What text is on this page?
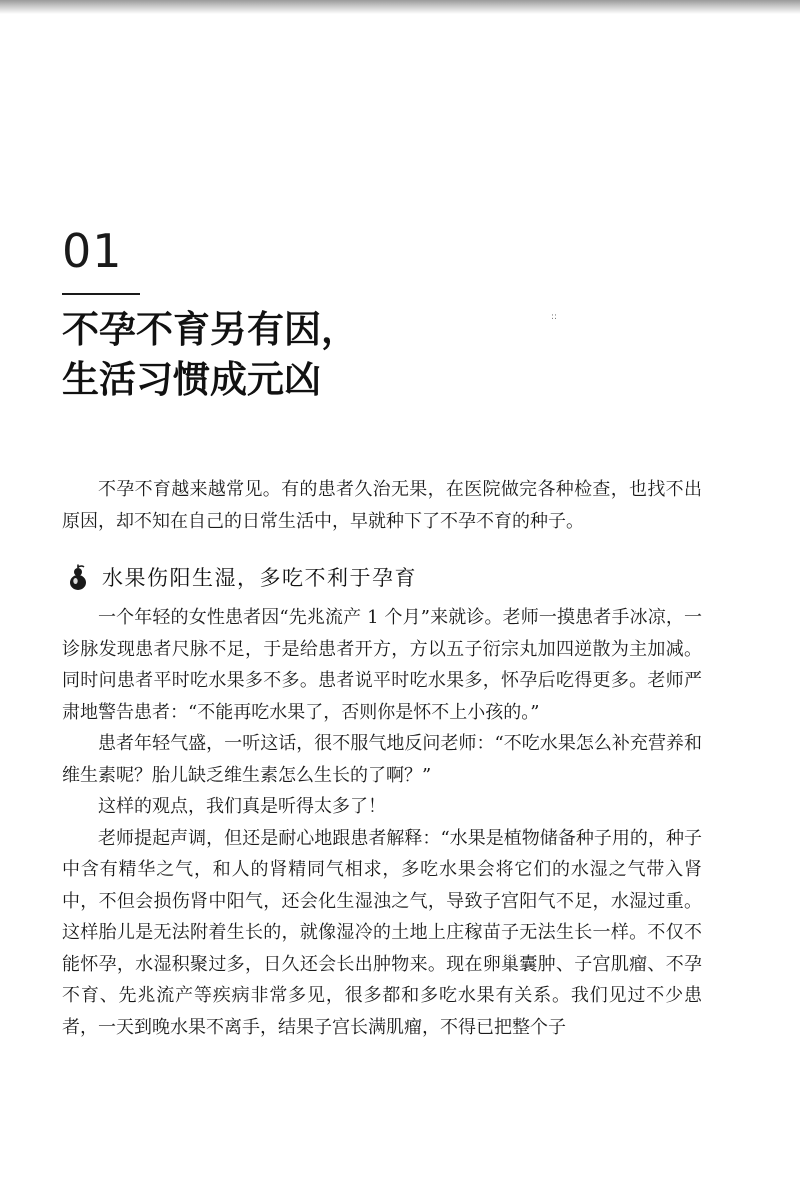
01
不孕不育另有因，
生活习惯成元凶
::

不孕不育越来越常见。有的患者久治无果，在医院做完各种检查，也找不出原因，却不知在自己的日常生活中，早就种下了不孕不育的种子。

水果伤阳生湿，多吃不利于孕育

一个年轻的女性患者因“先兆流产 1 个月”来就诊。老师一摸患者手冰凉，一诊脉发现患者尺脉不足，于是给患者开方，方以五子衍宗丸加四逆散为主加减。同时问患者平时吃水果多不多。患者说平时吃水果多，怀孕后吃得更多。老师严肃地警告患者：“不能再吃水果了，否则你是怀不上小孩的。”

患者年轻气盛，一听这话，很不服气地反问老师：“不吃水果怎么补充营养和维生素呢？胎儿缺乏维生素怎么生长的了啊？”

这样的观点，我们真是听得太多了！

老师提起声调，但还是耐心地跟患者解释：“水果是植物储备种子用的，种子中含有精华之气，和人的肾精同气相求，多吃水果会将它们的水湿之气带入肾中，不但会损伤肾中阳气，还会化生湿浊之气，导致子宫阳气不足，水湿过重。这样胎儿是无法附着生长的，就像湿冷的土地上庄稼苗子无法生长一样。不仅不能怀孕，水湿积聚过多，日久还会长出肿物来。现在卵巢囊肿、子宫肌瘤、不孕不育、先兆流产等疾病非常多见，很多都和多吃水果有关系。我们见过不少患者，一天到晚水果不离手，结果子宫长满肌瘤，不得已把整个子
